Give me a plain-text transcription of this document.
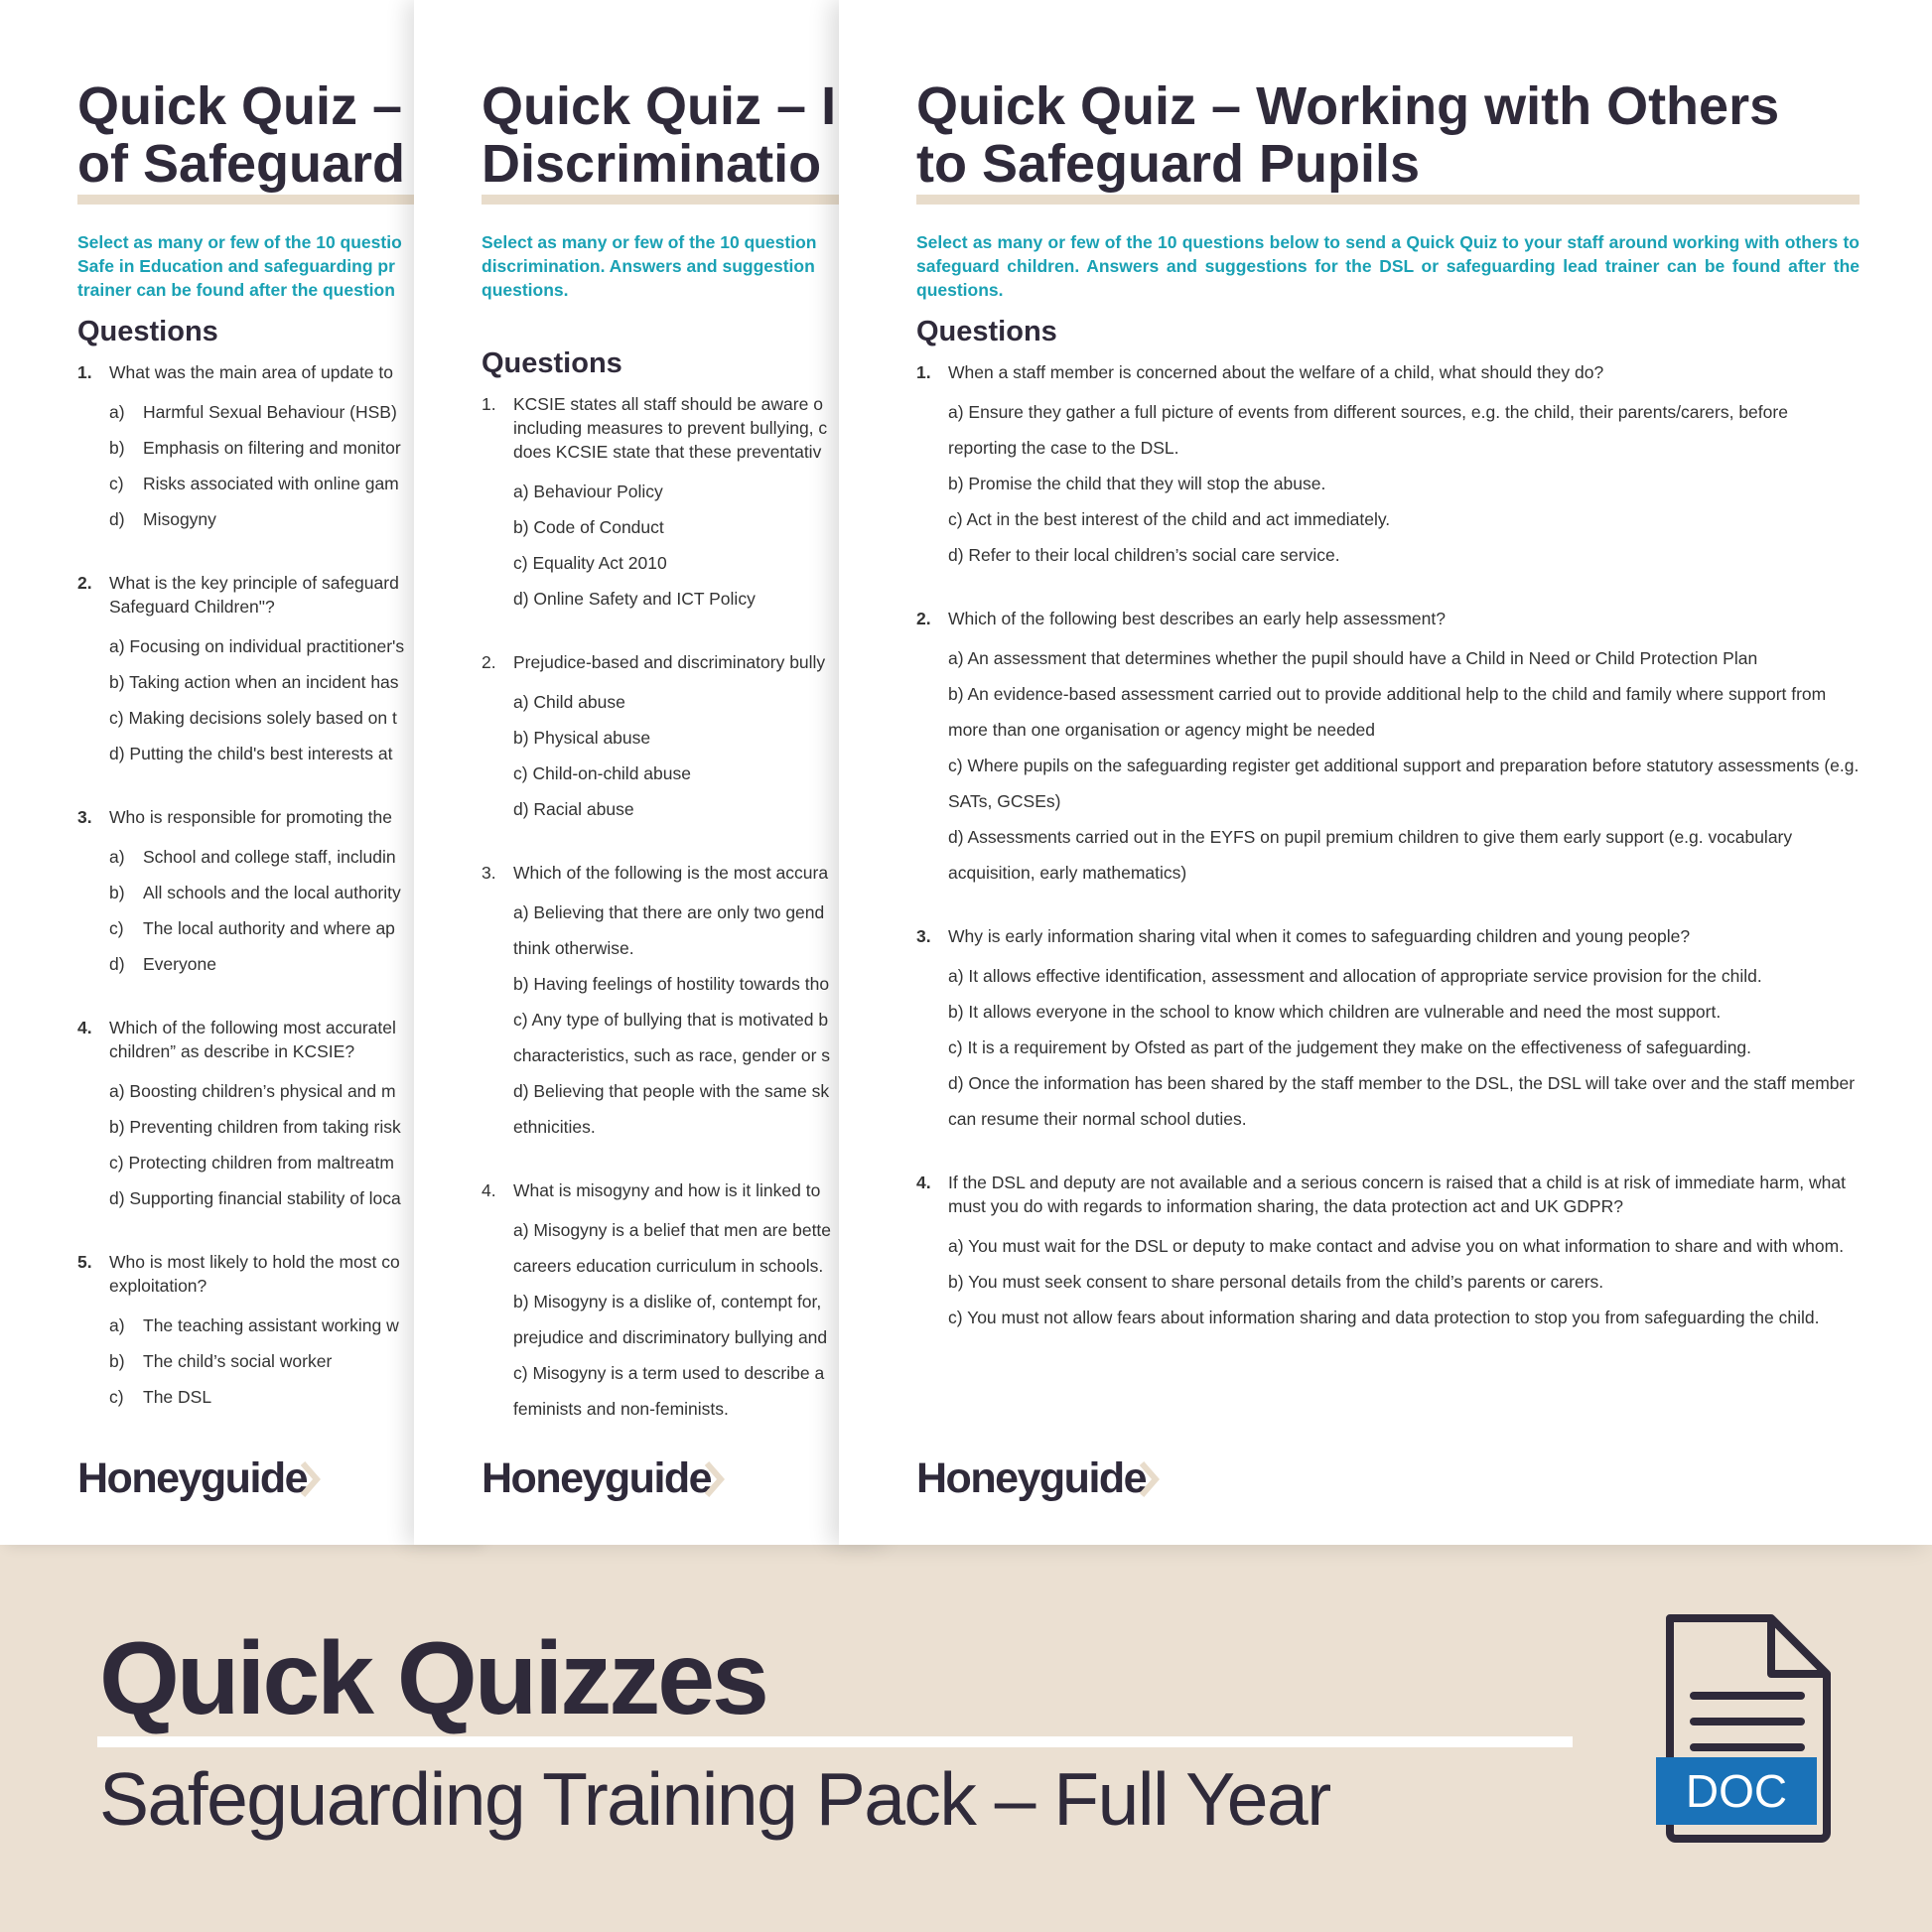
Quick Quiz –
of Safeguard
Select as many or few of the 10 questio
Safe in Education and safeguarding pr
trainer can be found after the question
Questions
1. What was the main area of update to
a)	Harmful Sexual Behaviour (HSB)
b)	Emphasis on filtering and monitor
c)	Risks associated with online gam
d)	Misogyny
2. What is the key principle of safeguard
Safeguard Children"?
a) Focusing on individual practitioner's
b) Taking action when an incident has
c) Making decisions solely based on t
d) Putting the child's best interests at
3. Who is responsible for promoting the
a)	School and college staff, includin
b)	All schools and the local authority
c)	The local authority and where ap
d)	Everyone
4. Which of the following most accuratel
children” as describe in KCSIE?
a) Boosting children’s physical and m
b) Preventing children from taking risk
c) Protecting children from maltreatm
d) Supporting financial stability of loca
5. Who is most likely to hold the most co
exploitation?
a)	The teaching assistant working w
b)	The child’s social worker
c)	The DSL
Honeyguide
Quick Quiz – I
Discriminatio
Select as many or few of the 10 question
discrimination. Answers and suggestion
questions.
Questions
1. KCSIE states all staff should be aware o
including measures to prevent bullying, c
does KCSIE state that these preventativ
a) Behaviour Policy
b) Code of Conduct
c) Equality Act 2010
d) Online Safety and ICT Policy
2. Prejudice-based and discriminatory bully
a) Child abuse
b) Physical abuse
c) Child-on-child abuse
d) Racial abuse
3. Which of the following is the most accura
a) Believing that there are only two gend
think otherwise.
b) Having feelings of hostility towards tho
c) Any type of bullying that is motivated b
characteristics, such as race, gender or s
d) Believing that people with the same sk
ethnicities.
4. What is misogyny and how is it linked to
a) Misogyny is a belief that men are bette
careers education curriculum in schools.
b) Misogyny is a dislike of, contempt for,
prejudice and discriminatory bullying and
c) Misogyny is a term used to describe a
feminists and non-feminists.
Honeyguide
Quick Quiz – Working with Others
to Safeguard Pupils
Select as many or few of the 10 questions below to send a Quick Quiz to your staff around working with others to safeguard children. Answers and suggestions for the DSL or safeguarding lead trainer can be found after the questions.
Questions
1. When a staff member is concerned about the welfare of a child, what should they do?
a) Ensure they gather a full picture of events from different sources, e.g. the child, their parents/carers, before reporting the case to the DSL.
b) Promise the child that they will stop the abuse.
c) Act in the best interest of the child and act immediately.
d) Refer to their local children’s social care service.
2. Which of the following best describes an early help assessment?
a) An assessment that determines whether the pupil should have a Child in Need or Child Protection Plan
b) An evidence-based assessment carried out to provide additional help to the child and family where support from more than one organisation or agency might be needed
c) Where pupils on the safeguarding register get additional support and preparation before statutory assessments (e.g. SATs, GCSEs)
d) Assessments carried out in the EYFS on pupil premium children to give them early support (e.g. vocabulary acquisition, early mathematics)
3. Why is early information sharing vital when it comes to safeguarding children and young people?
a) It allows effective identification, assessment and allocation of appropriate service provision for the child.
b) It allows everyone in the school to know which children are vulnerable and need the most support.
c) It is a requirement by Ofsted as part of the judgement they make on the effectiveness of safeguarding.
d) Once the information has been shared by the staff member to the DSL, the DSL will take over and the staff member can resume their normal school duties.
4. If the DSL and deputy are not available and a serious concern is raised that a child is at risk of immediate harm, what must you do with regards to information sharing, the data protection act and UK GDPR?
a) You must wait for the DSL or deputy to make contact and advise you on what information to share and with whom.
b) You must seek consent to share personal details from the child’s parents or carers.
c) You must not allow fears about information sharing and data protection to stop you from safeguarding the child.
Honeyguide
Quick Quizzes
Safeguarding Training Pack – Full Year	DOC
